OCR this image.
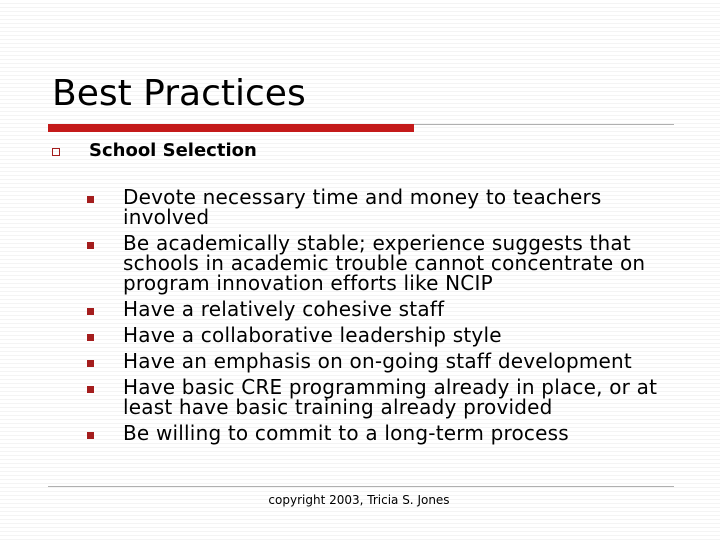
Best Practices
School Selection
Devote necessary time and money to teachers involved
Be academically stable; experience suggests that schools in academic trouble cannot concentrate on program innovation efforts like NCIP
Have a relatively cohesive staff
Have a collaborative leadership style
Have an emphasis on on-going staff development
Have basic CRE programming already in place, or at least have basic training already provided
Be willing to commit to a long-term process
copyright 2003, Tricia S. Jones
